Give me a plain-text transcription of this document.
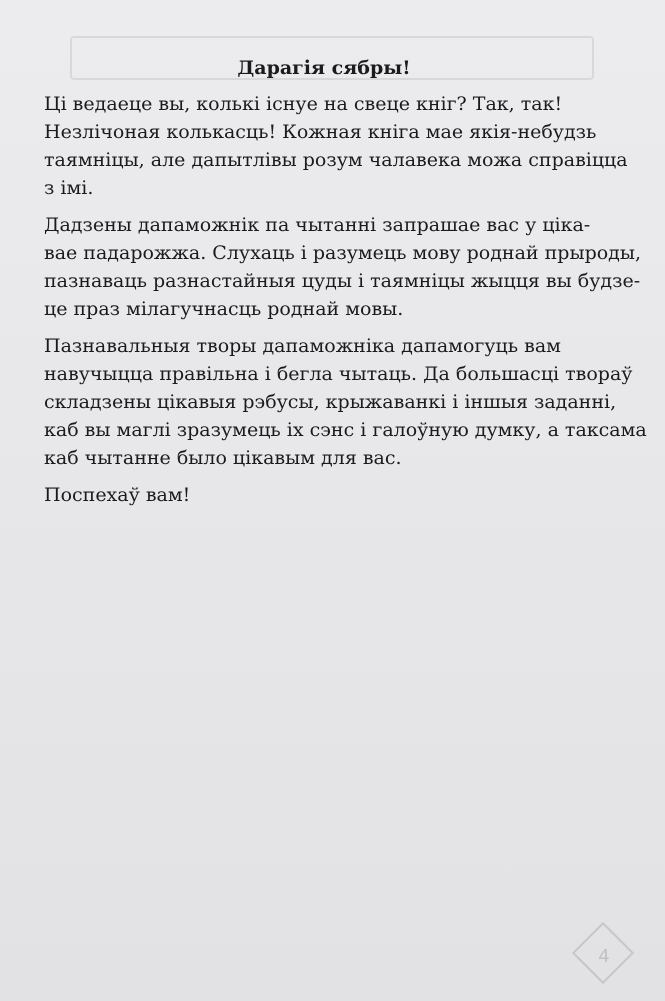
Дарагія сябры!
Ці ведаеце вы, колькі існуе на свеце кніг? Так, так!
Незлічоная колькасць! Кожная кніга мае якія-небудзь
таямніцы, але дапытлівы розум чалавека можа справіцца
з імі.
Дадзены дапаможнік па чытанні запрашае вас у цікa-
вае падарожжа. Слухаць і разумець мову роднай прыроды,
пазнаваць разнастайныя цуды і таямніцы жыцця вы будзе-
це праз мілагучнасць роднай мовы.
Пазнавальныя творы дапаможніка дапамогуць вам
навучыцца правільна і бегла чытаць. Да большасці твораў
складзены цікавыя рэбусы, крыжаванкі і іншыя заданні,
каб вы маглі зразумець іх сэнс і галоўную думку, а таксама
каб чытанне было цікавым для вас.
Поспехаў вам!
4
